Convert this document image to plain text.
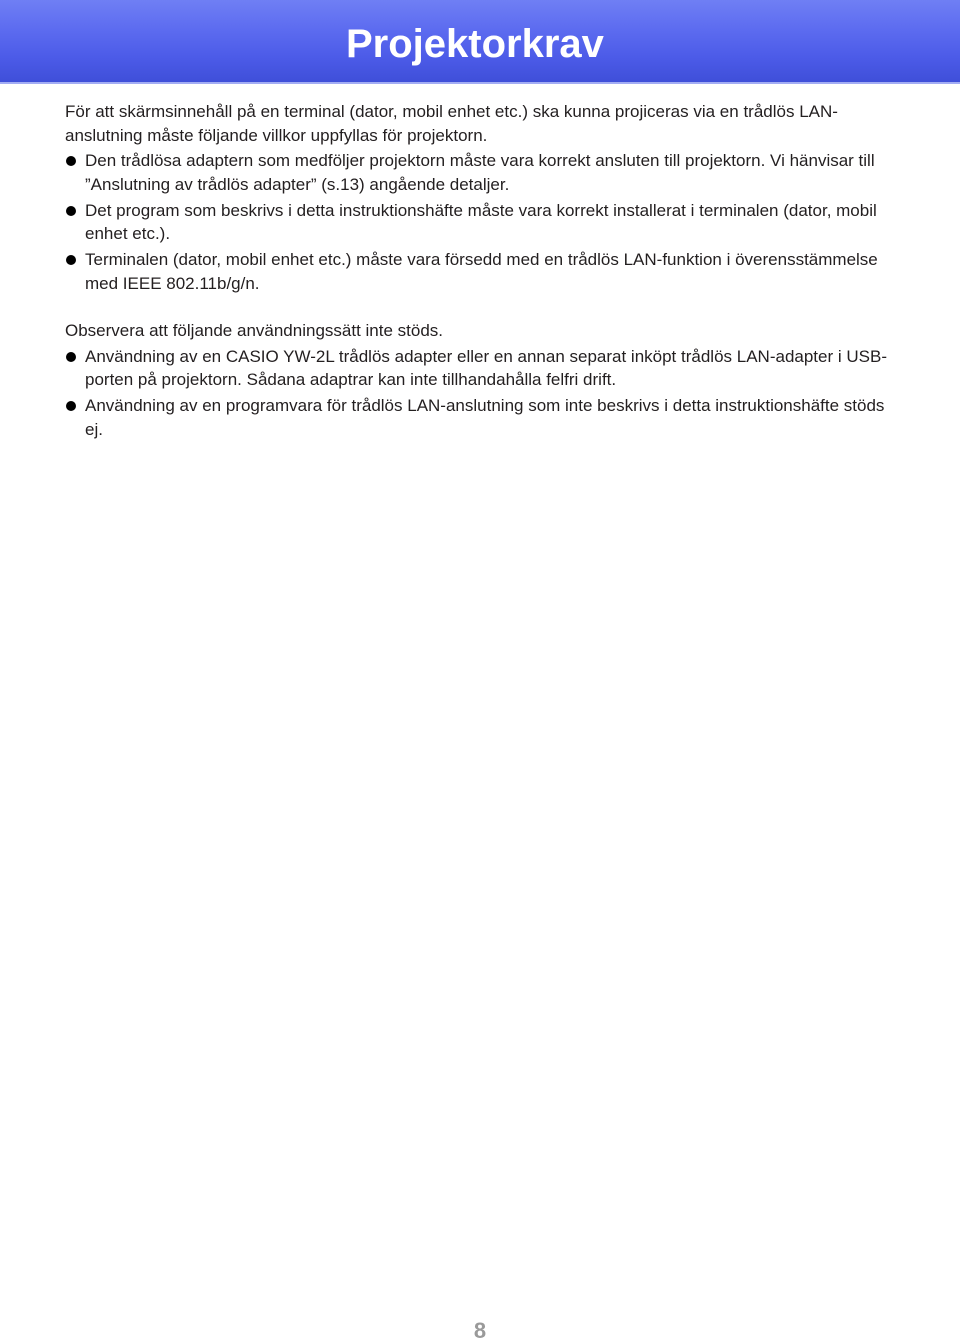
Projektorkrav

För att skärmsinnehåll på en terminal (dator, mobil enhet etc.) ska kunna projiceras via en trådlös LAN-anslutning måste följande villkor uppfyllas för projektorn.

Den trådlösa adaptern som medföljer projektorn måste vara korrekt ansluten till projektorn. Vi hänvisar till ”Anslutning av trådlös adapter” (s.13) angående detaljer.
Det program som beskrivs i detta instruktionshäfte måste vara korrekt installerat i terminalen (dator, mobil enhet etc.).
Terminalen (dator, mobil enhet etc.) måste vara försedd med en trådlös LAN-funktion i överensstämmelse med IEEE 802.11b/g/n.

Observera att följande användningssätt inte stöds.

Användning av en CASIO YW-2L trådlös adapter eller en annan separat inköpt trådlös LAN-adapter i USB-porten på projektorn. Sådana adaptrar kan inte tillhandahålla felfri drift.
Användning av en programvara för trådlös LAN-anslutning som inte beskrivs i detta instruktionshäfte stöds ej.
8
